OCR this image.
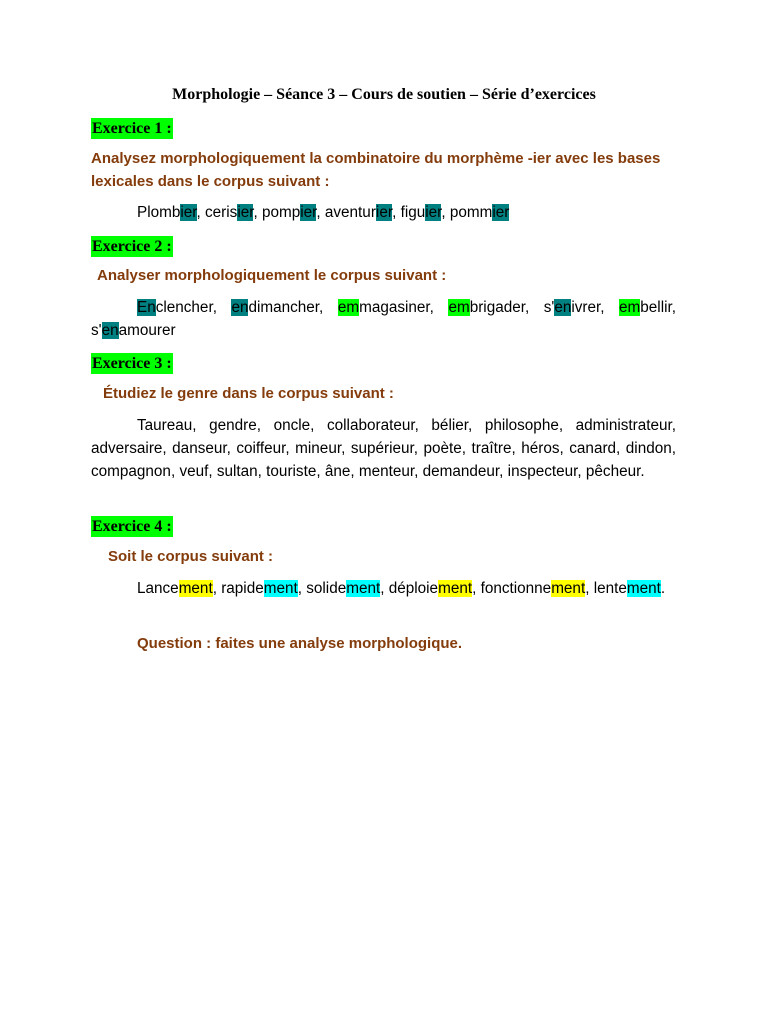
Morphologie – Séance 3 – Cours de soutien – Série d’exercices
Exercice 1 :
Analysez morphologiquement la combinatoire du morphème -ier avec les bases lexicales dans le corpus suivant :
Plombier, cerisier, pompier, aventurier, figuier, pommier
Exercice 2 :
Analyser morphologiquement le corpus suivant :
Enclencher, endimancher, emmagasiner, embrigader, s'enivrer, embellir, s'enamourer
Exercice 3 :
Étudiez le genre dans le corpus suivant :
Taureau, gendre, oncle, collaborateur, bélier, philosophe, administrateur, adversaire, danseur, coiffeur, mineur, supérieur, poète, traître, héros, canard, dindon, compagnon, veuf, sultan, touriste, âne, menteur, demandeur, inspecteur, pêcheur.
Exercice 4 :
Soit le corpus suivant :
Lancement, rapidement, solidement, déploiement, fonctionnement, lentement.
Question : faites une analyse morphologique.
